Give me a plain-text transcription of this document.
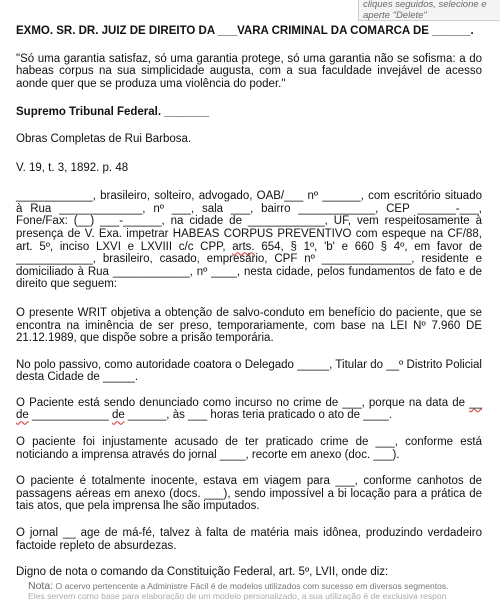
cliques seguidos, selecione e
aperte "Delete"

EXMO. SR. DR. JUIZ DE DIREITO DA ___VARA CRIMINAL DA COMARCA DE ______.

"Só uma garantia satisfaz, só uma garantia protege, só uma garantia não se sofisma: a do habeas corpus na sua simplicidade augusta, com a sua faculdade invejável de acesso aonde quer que se produza uma violência do poder."

Supremo Tribunal Federal. _______

Obras Completas de Rui Barbosa.

V. 19, t. 3, 1892. p. 48

____________, brasileiro, solteiro, advogado, OAB/___ nº ______, com escritório situado à Rua _____________, nº ___, sala ___, bairro ____________, CEP ______-___, Fone/Fax: (__) ___-______, na cidade de ____________, UF, vem respeitosamente à presença de V. Exa. impetrar HABEAS CORPUS PREVENTIVO com espeque na CF/88, art. 5º, inciso LXVI e LXVIII c/c CPP, arts. 654, § 1º, 'b' e 660 § 4º, em favor de ____________, brasileiro, casado, empresário, CPF nº ______________, residente e domiciliado à Rua ____________, nº ____, nesta cidade, pelos fundamentos de fato e de direito que seguem:

O presente WRIT objetiva a obtenção de salvo-conduto em benefício do paciente, que se encontra na iminência de ser preso, temporariamente, com base na LEI Nº 7.960 DE 21.12.1989, que dispõe sobre a prisão temporária.

No polo passivo, como autoridade coatora o Delegado _____, Titular do __º Distrito Policial desta Cidade de _____.

O Paciente está sendo denunciado como incurso no crime de ___, porque na data de __ de ____________ de ______, às ___ horas teria praticado o ato de ____.

O paciente foi injustamente acusado de ter praticado crime de ___, conforme está noticiando a imprensa através do jornal ____, recorte em anexo (doc. ___).

O paciente é totalmente inocente, estava em viagem para ___, conforme canhotos de passagens aéreas em anexo (docs. ___), sendo impossível a bi locação para a prática de tais atos, que pela imprensa lhe são imputados.

O jornal __ age de má-fé, talvez à falta de matéria mais idônea, produzindo verdadeiro factoide repleto de absurdezas.

Digno de nota o comando da Constituição Federal, art. 5º, LVII, onde diz:

Nota: O acervo pertencente a Administre Fácil é de modelos utilizados com sucesso em diversos segmentos.
Eles servem como base para elaboração de um modelo personalizado, a sua utilização é de exclusiva respon
